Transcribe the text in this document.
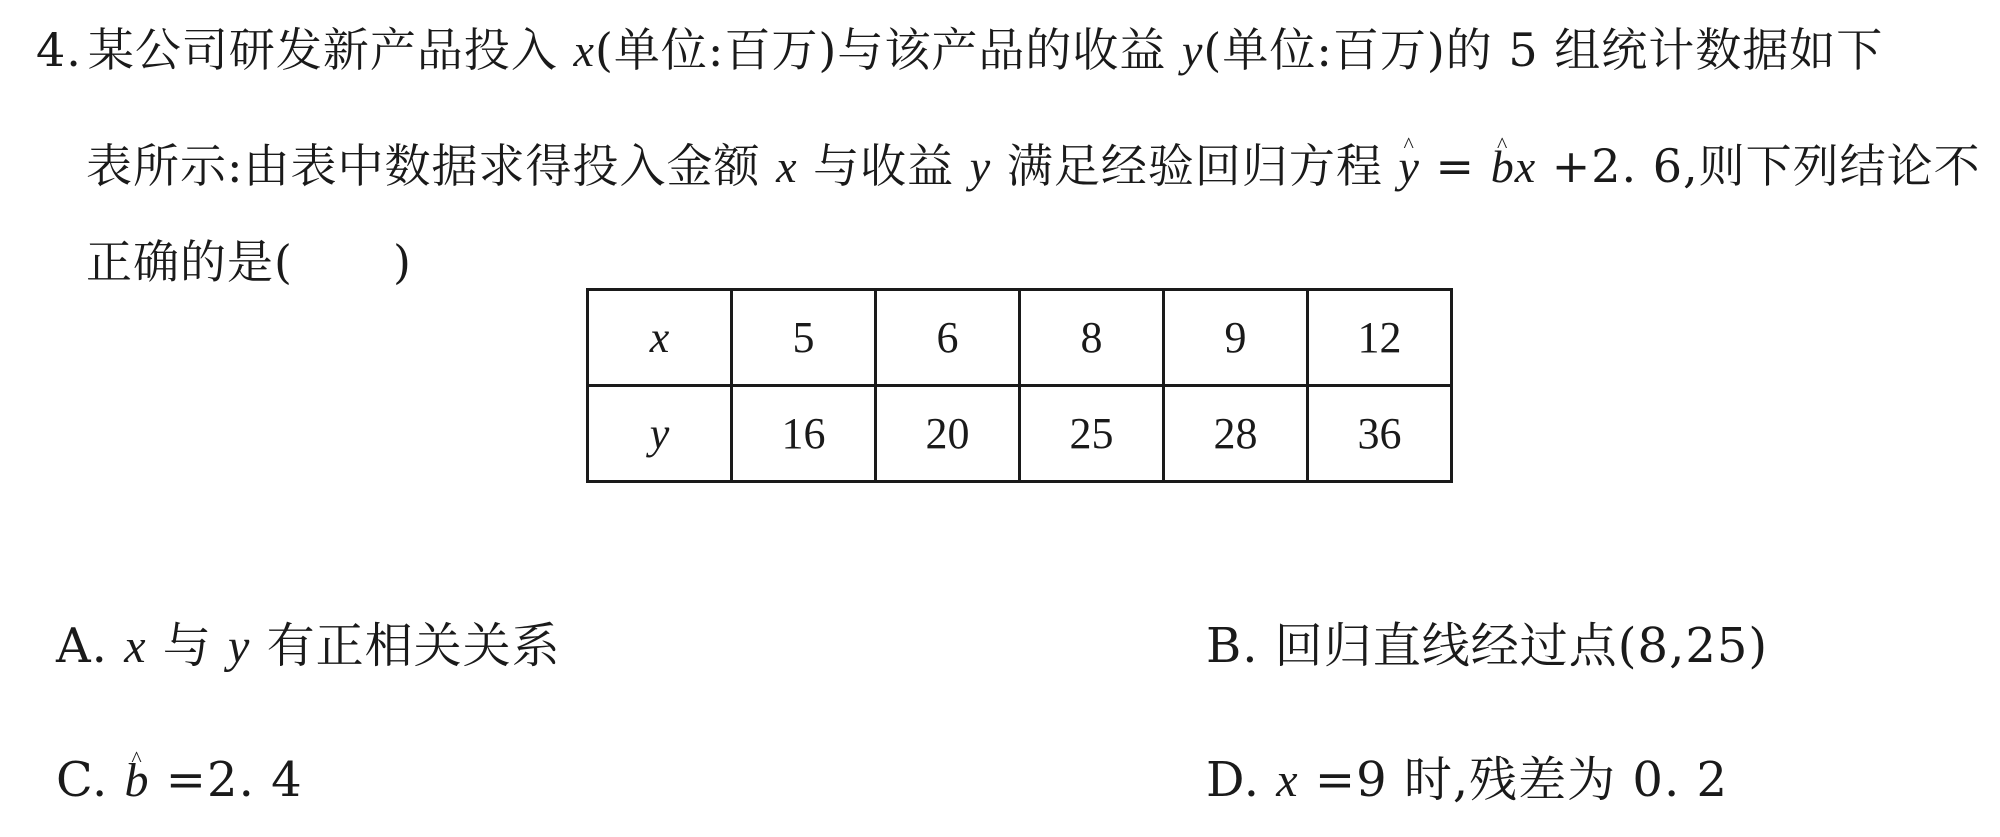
4. 某公司研发新产品投入 x(单位:百万)与该产品的收益 y(单位:百万)的 5 组统计数据如下
表所示:由表中数据求得投入金额 x 与收益 y 满足经验回归方程 ^ y = ^ bx +2. 6,则下列结论不
正确的是( )
x	5	6	8	9	12
y	16	20	25	28	36
A. x 与 y 有正相关关系	B. 回归直线经过点(8,25)
C. ^ b =2. 4	D. x =9 时,残差为 0. 2
